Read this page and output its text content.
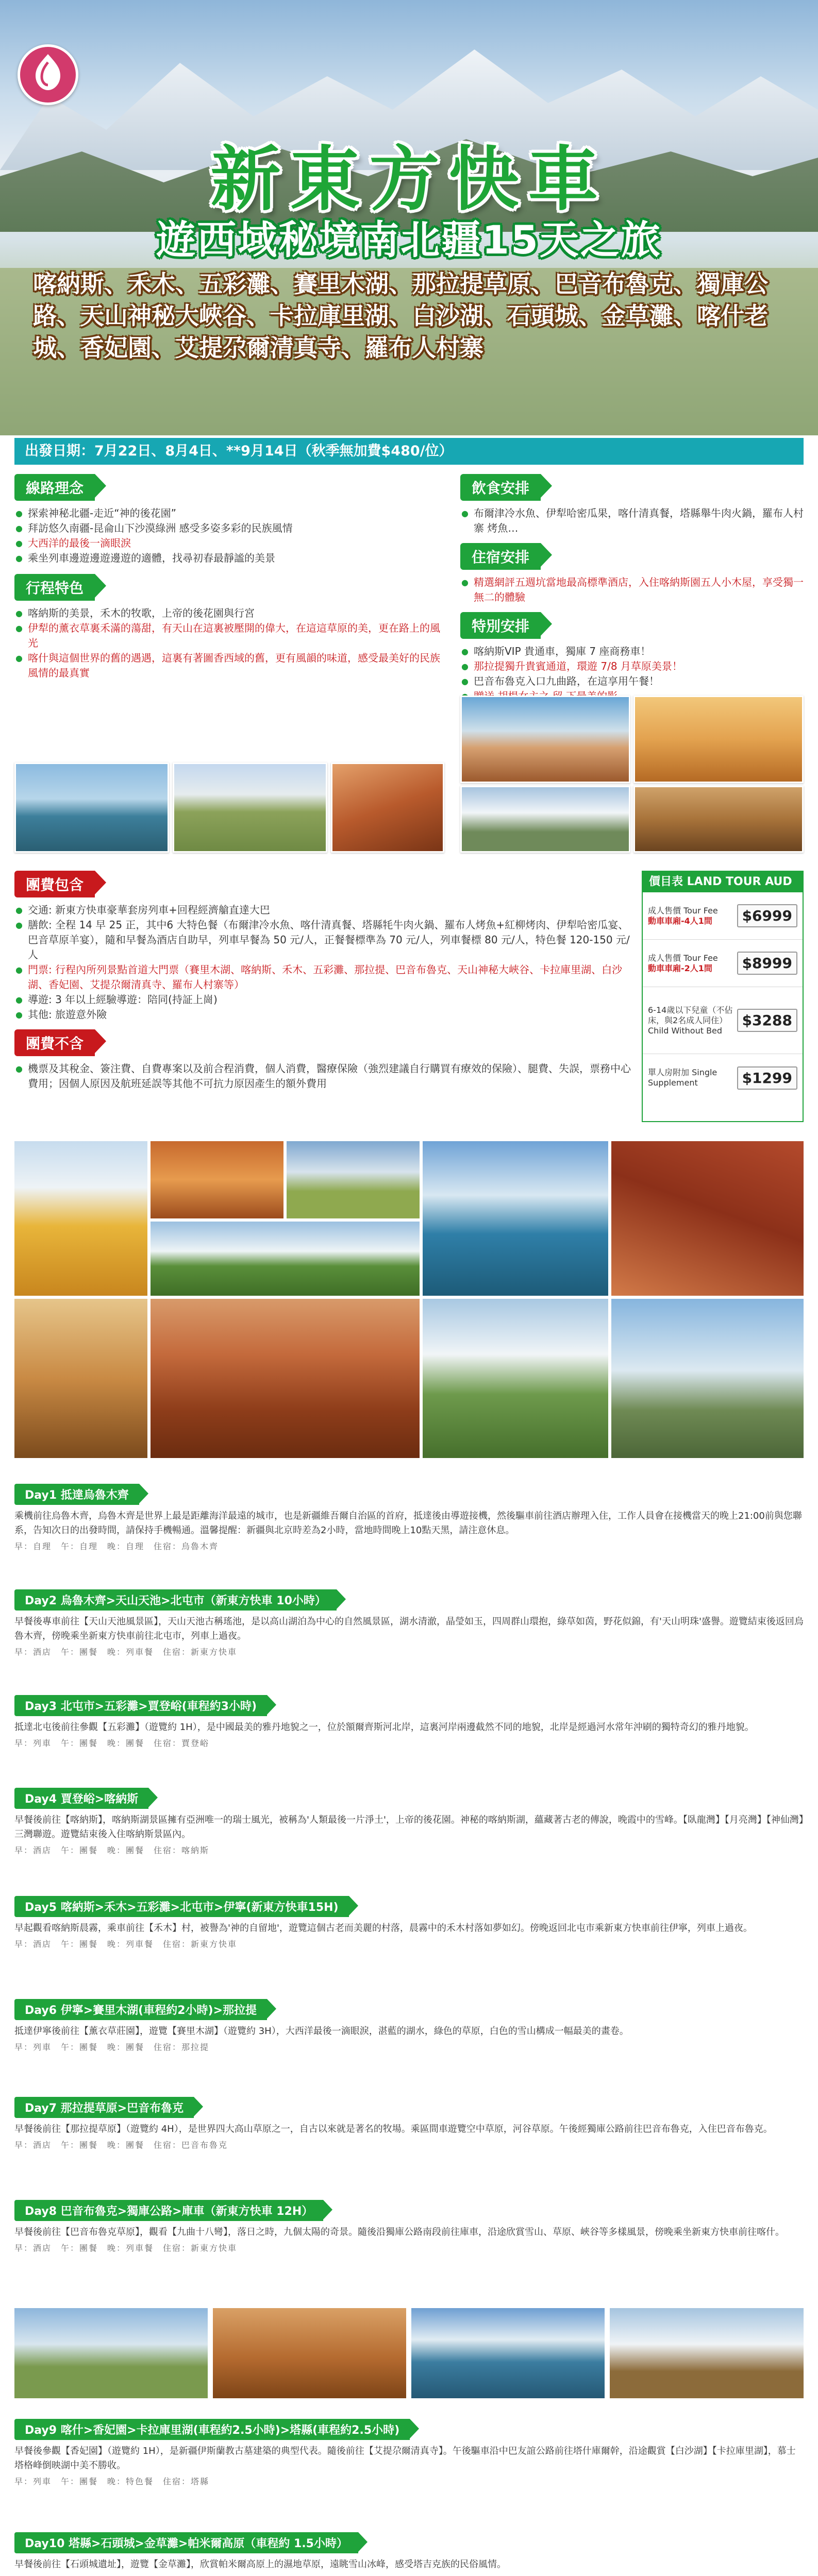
新東方快車
遊西域秘境南北疆15天之旅
喀納斯、禾木、五彩灘、賽里木湖、那拉提草原、巴音布魯克、獨庫公路、天山神秘大峽谷、卡拉庫里湖、白沙湖、石頭城、金草灘、喀什老城、香妃園、艾提尕爾清真寺、羅布人村寨
出發日期：7月22日、8月4日、**9月14日（秋季無加費$480/位）
線路理念
● 探索神秘北疆-走近“神的後花園”
● 拜訪悠久南疆-昆侖山下沙漠綠洲 感受多姿多彩的民族風情
● 大西洋的最後一滴眼淚
● 乘坐列車邊遊邊遊邊遊的適體，找尋初春最靜謐的美景
行程特色
● 喀納斯的美景，禾木的牧歌，上帝的後花園與行宮
● 伊犁的薰衣草裏禾滿的蕩甜，有天山在這裏被壓開的偉大，在這這草原的美，更在路上的風光
● 喀什與這個世界的舊的遇遇，這裏有著圖香西域的舊，更有風韻的味道，感受最美好的民族風情的最真實
飲食安排
● 布爾津冷水魚、伊犁哈密瓜果，喀什清真餐，塔縣舉牛肉火鍋，羅布人村寨 烤魚…
住宿安排
● 精選網評五週坑當地最高標準酒店，入住喀納斯園五人小木屋，享受獨一無二的體驗
特別安排
● 喀納斯VIP 貴通車，獨庫 7 座商務車！
● 那拉提獨升貴賓通道，環遊 7/8 月草原美景！
● 巴音布魯克入口九曲路，在這享用午餐！
●
團費包含
● 交通: 新東方快車豪華套房列車+回程經濟艙直達大巴
● 膳飲: 全程 14 早 25 正，其中6 大特色餐（布爾津冷水魚、喀什清真餐、塔縣牦牛肉火鍋、羅布人烤魚+紅柳烤肉、伊犁哈密瓜宴、巴音草原羊宴），隨和早餐為酒店自助早，列車早餐為 50 元/人，正餐餐標準為 70 元/人，列車餐標 80 元/人，特色餐 120-150 元/人
● 門票: 行程內所列景點首道大門票（賽里木湖、喀納斯、禾木、五彩灘、那拉提、巴音布魯克、天山神秘大峽谷、卡拉庫里湖、白沙湖、香妃園、艾提尕爾清真寺、羅布人村寨等）
● 導遊: 3 年以上經驗導遊：陪同(持証上崗)
● 其他: 旅遊意外險
團費不含
● 機票及其稅金、簽注費、自費專案以及前合程消費，個人消費，醫療保險（強烈建議自行購買有療效的保險）、腿費、失誤，票務中心費用；因個人原因及航班延誤等其他不可抗力原因產生的額外費用
價目表 LAND TOUR AUD
成人售價 Tour Fee
動車車廂-4人1間	$6999
成人售價 Tour Fee
動車車廂-2人1間	$8999
6-14歲以下兒童（不佔床，與2名成人同住）Child Without Bed
$3288
單人房附加 Single Supplement	$1299
Day1 抵達烏魯木齊
乘機前往烏魯木齊，烏魯木齊是世界上最是距離海洋最遠的城市，也是新疆維吾爾自治區的首府，抵達後由導遊接機，然後驅車前往酒店辦理入住，工作人員會在接機當天的晚上21:00前與您聯系，告知次日的出發時間，請保持手機暢通。溫馨提醒：新疆與北京時差為2小時，當地時間晚上10點天黑，請注意休息。
早：自理　午：自理　晚：自理　住宿：烏魯木齊
Day2 烏魯木齊>天山天池>北屯市（新東方快車 10小時）
早餐後專車前往【天山天池風景區】，天山天池古稱瑤池，是以高山湖泊為中心的自然風景區，湖水清澈，晶瑩如玉，四周群山環抱，綠草如茵，野花似錦，有'天山明珠'盛譽。遊覽結束後返回烏魯木齊，傍晚乘坐新東方快車前往北屯市，列車上過夜。
早：酒店　午：團餐　晚：列車餐　住宿：新東方快車
Day3 北屯市>五彩灘>賈登峪(車程約3小時)
抵達北屯後前往參觀【五彩灘】（遊覽約 1H），是中國最美的雅丹地貌之一，位於額爾齊斯河北岸，這裏河岸兩邊截然不同的地貌，北岸是經過河水常年沖刷的獨特奇幻的雅丹地貌。
早：列車　午：團餐　晚：團餐　住宿：賈登峪
Day4 賈登峪>喀納斯
早餐後前往【喀納斯】，喀納斯湖景區擁有亞洲唯一的瑞士風光，被稱為'人類最後一片淨土'，上帝的後花園。神秘的喀納斯湖，蘊藏著古老的傳說，晚霞中的雪峰。【臥龍灣】【月亮灣】【神仙灣】三灣聯遊。遊覽結束後入住喀納斯景區內。
早：酒店　午：團餐　晚：團餐　住宿：喀納斯
Day5 喀納斯>禾木>五彩灘>北屯市>伊寧(新東方快車15H)
早起觀看喀納斯晨霧，乘車前往【禾木】村，被譽為'神的自留地'，遊覽這個古老而美麗的村落，晨霧中的禾木村落如夢如幻。傍晚返回北屯市乘新東方快車前往伊寧，列車上過夜。
早：酒店　午：團餐　晚：列車餐　住宿：新東方快車
Day6 伊寧>賽里木湖(車程約2小時)>那拉提
抵達伊寧後前往【薰衣草莊園】，遊覽【賽里木湖】（遊覽約 3H），大西洋最後一滴眼淚，湛藍的湖水，綠色的草原，白色的雪山構成一幅最美的畫卷。
早：列車　午：團餐　晚：團餐　住宿：那拉提
Day7 那拉提草原>巴音布魯克
早餐後前往【那拉提草原】（遊覽約 4H），是世界四大高山草原之一，自古以來就是著名的牧場。乘區間車遊覽空中草原，河谷草原。午後經獨庫公路前往巴音布魯克，入住巴音布魯克。
早：酒店　午：團餐　晚：團餐　住宿：巴音布魯克
Day8 巴音布魯克>獨庫公路>庫車（新東方快車 12H）
早餐後前往【巴音布魯克草原】，觀看【九曲十八彎】，落日之時，九個太陽的奇景。隨後沿獨庫公路南段前往庫車，沿途欣賞雪山、草原、峽谷等多樣風景，傍晚乘坐新東方快車前往喀什。
早：酒店　午：團餐　晚：列車餐　住宿：新東方快車
Day9 喀什>香妃園>卡拉庫里湖(車程約2.5小時)>塔縣(車程約2.5小時)
早餐後參觀【香妃園】（遊覽約 1H），是新疆伊斯蘭教古墓建築的典型代表。隨後前往【艾提尕爾清真寺】。午後驅車沿中巴友誼公路前往塔什庫爾幹，沿途觀賞【白沙湖】【卡拉庫里湖】，慕士塔格峰倒映湖中美不勝收。
早：列車　午：團餐　晚：特色餐　住宿：塔縣
Day10 塔縣>石頭城>金草灘>帕米爾高原（車程約 1.5小時）
早餐後前往【石頭城遺址】，遊覽【金草灘】，欣賞帕米爾高原上的濕地草原，遠眺雪山冰峰，感受塔吉克族的民俗風情。
